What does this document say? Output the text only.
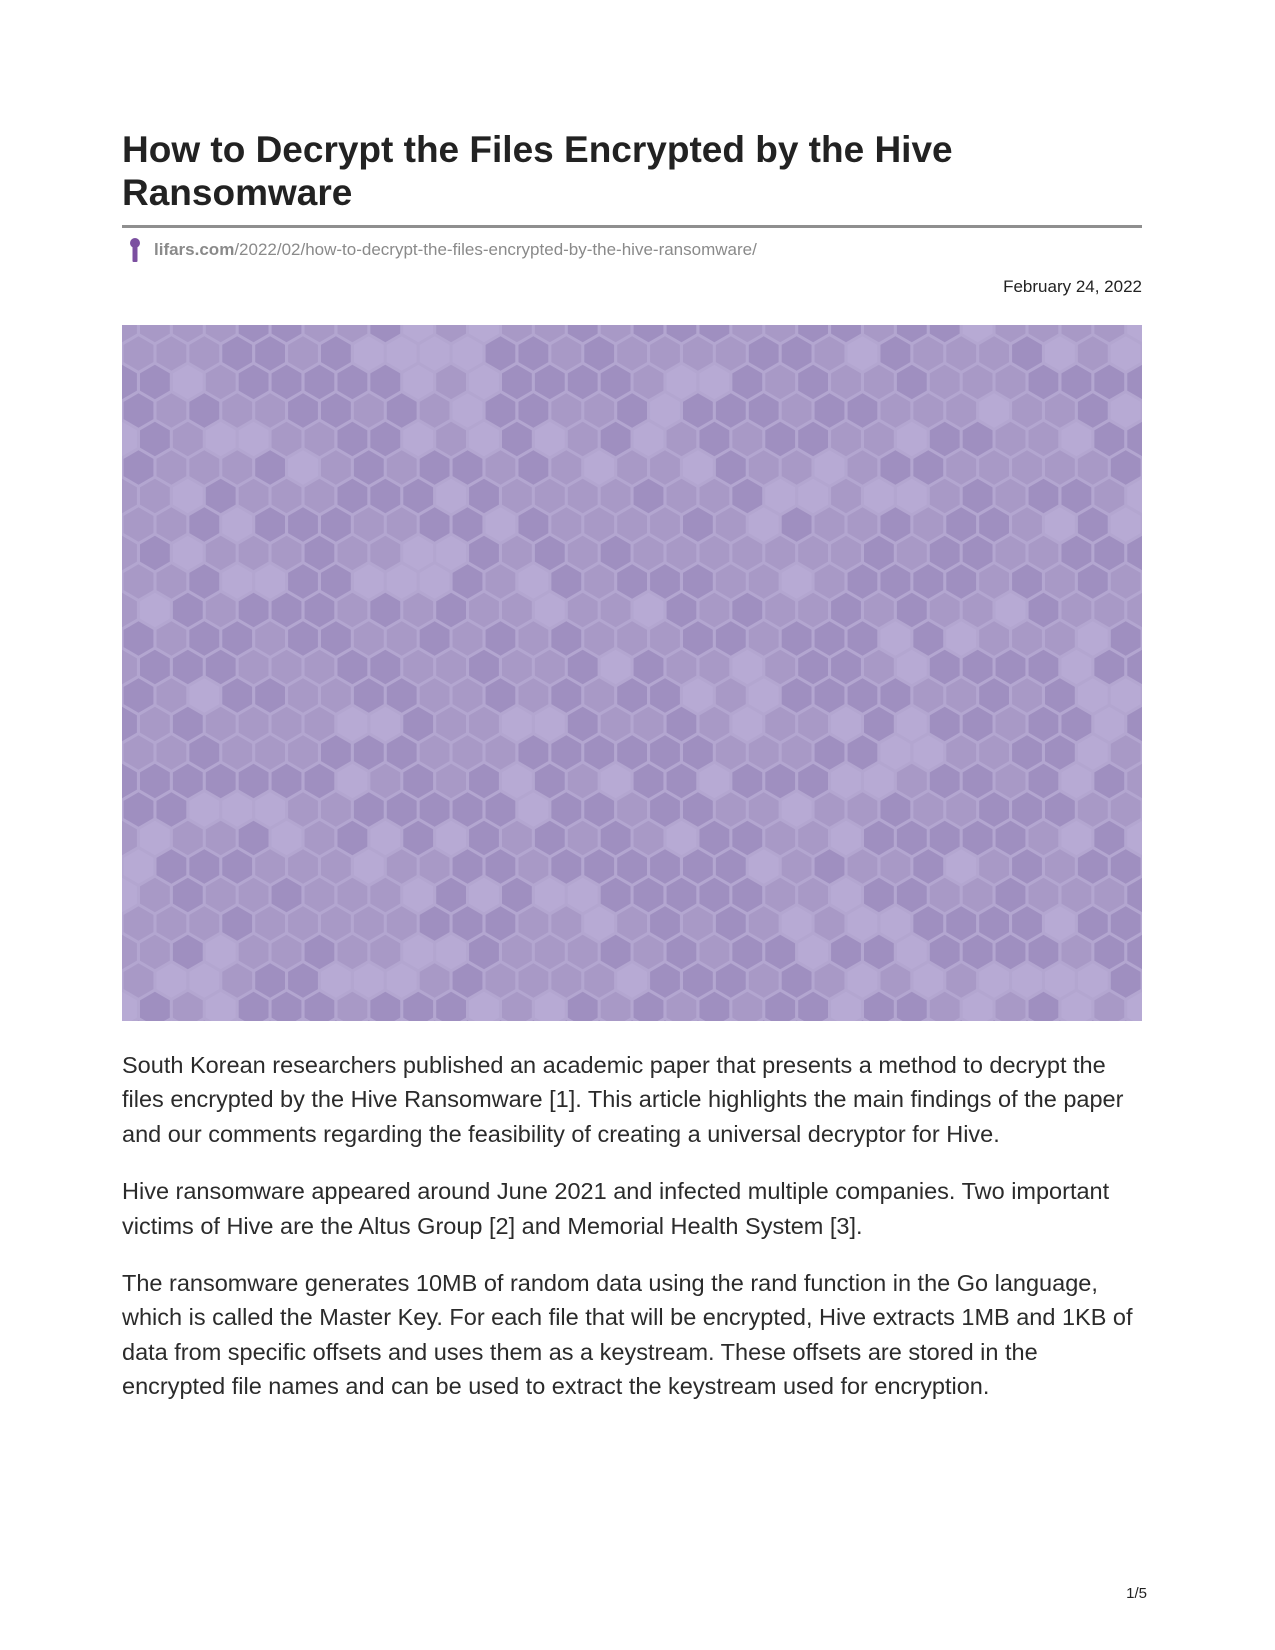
How to Decrypt the Files Encrypted by the Hive Ransomware
lifars.com /2022/02/how-to-decrypt-the-files-encrypted-by-the-hive-ransomware/
February 24, 2022

South Korean researchers published an academic paper that presents a method to decrypt the files encrypted by the Hive Ransomware [1]. This article highlights the main findings of the paper and our comments regarding the feasibility of creating a universal decryptor for Hive.

Hive ransomware appeared around June 2021 and infected multiple companies. Two important victims of Hive are the Altus Group [2] and Memorial Health System [3].

The ransomware generates 10MB of random data using the rand function in the Go language, which is called the Master Key. For each file that will be encrypted, Hive extracts 1MB and 1KB of data from specific offsets and uses them as a keystream. These offsets are stored in the encrypted file names and can be used to extract the keystream used for encryption.

1/5
